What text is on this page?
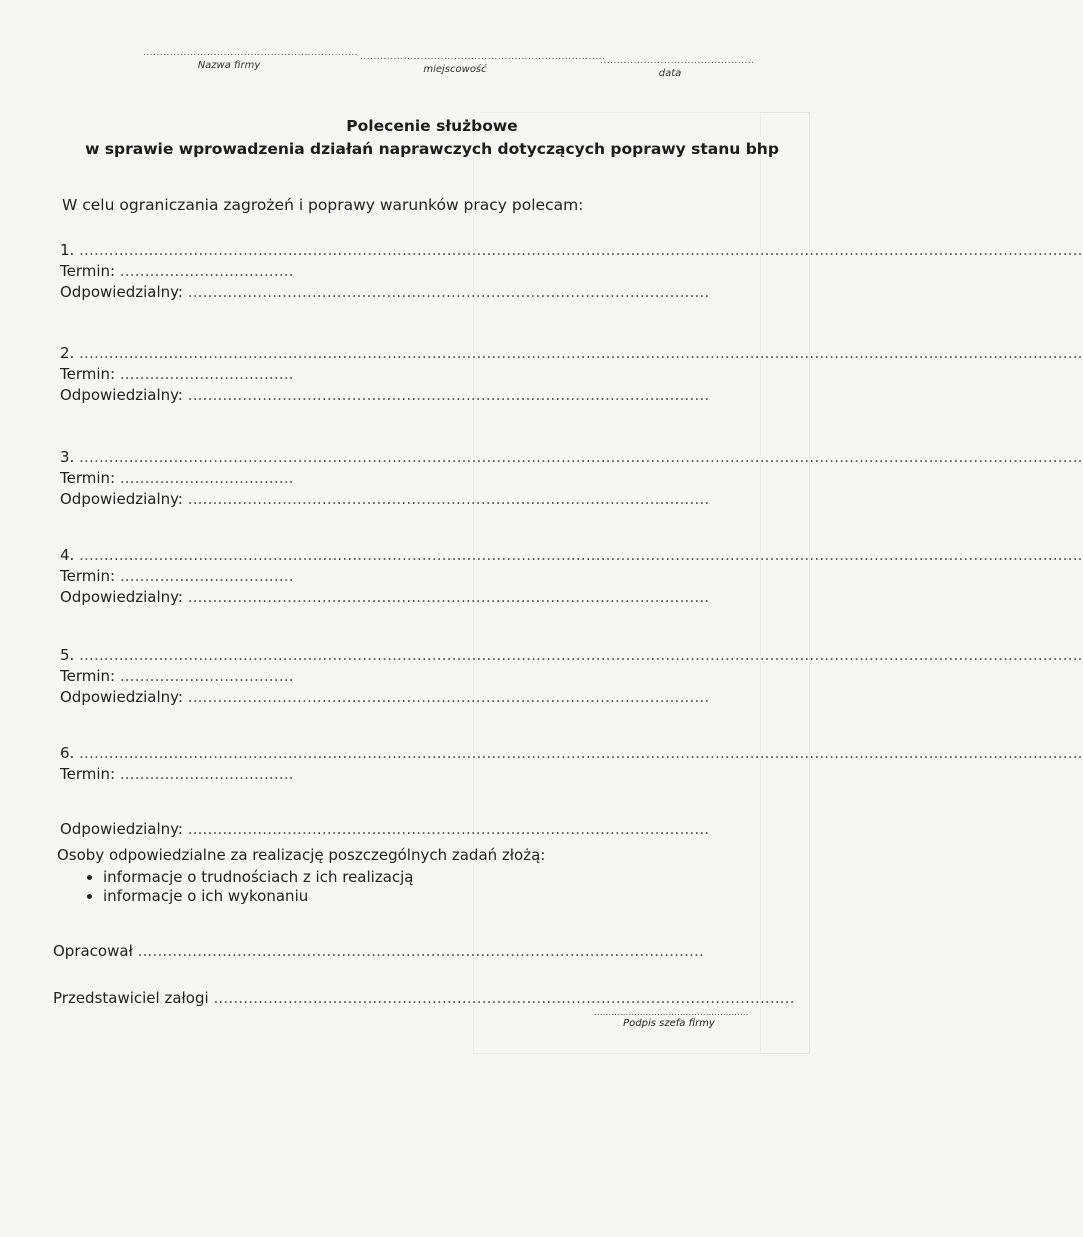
................................................................
Nazwa firmy
.........................................................................
miejscowość
..............................................
data
Polecenie służbowe
w sprawie wprowadzenia działań naprawczych dotyczących poprawy stanu bhp
W celu ograniczania zagrożeń i poprawy warunków pracy polecam:
1. ..........................................................................................................................................................................................................
Termin: ...................................
Odpowiedzialny: .........................................................................................................
2. ..........................................................................................................................................................................................................
Termin: ...................................
Odpowiedzialny: .........................................................................................................
3. ..........................................................................................................................................................................................................
Termin: ...................................
Odpowiedzialny: .........................................................................................................
4. ..........................................................................................................................................................................................................
Termin: ...................................
Odpowiedzialny: .........................................................................................................
5. ..........................................................................................................................................................................................................
Termin: ...................................
Odpowiedzialny: .........................................................................................................
6. ..........................................................................................................................................................................................................
Termin: ...................................
Odpowiedzialny: .........................................................................................................
Osoby odpowiedzialne za realizację poszczególnych zadań złożą:
• informacje o trudnościach z ich realizacją
• informacje o ich wykonaniu
Opracował ..................................................................................................................
Przedstawiciel załogi .....................................................................................................................
......................................................
Podpis szefa firmy
